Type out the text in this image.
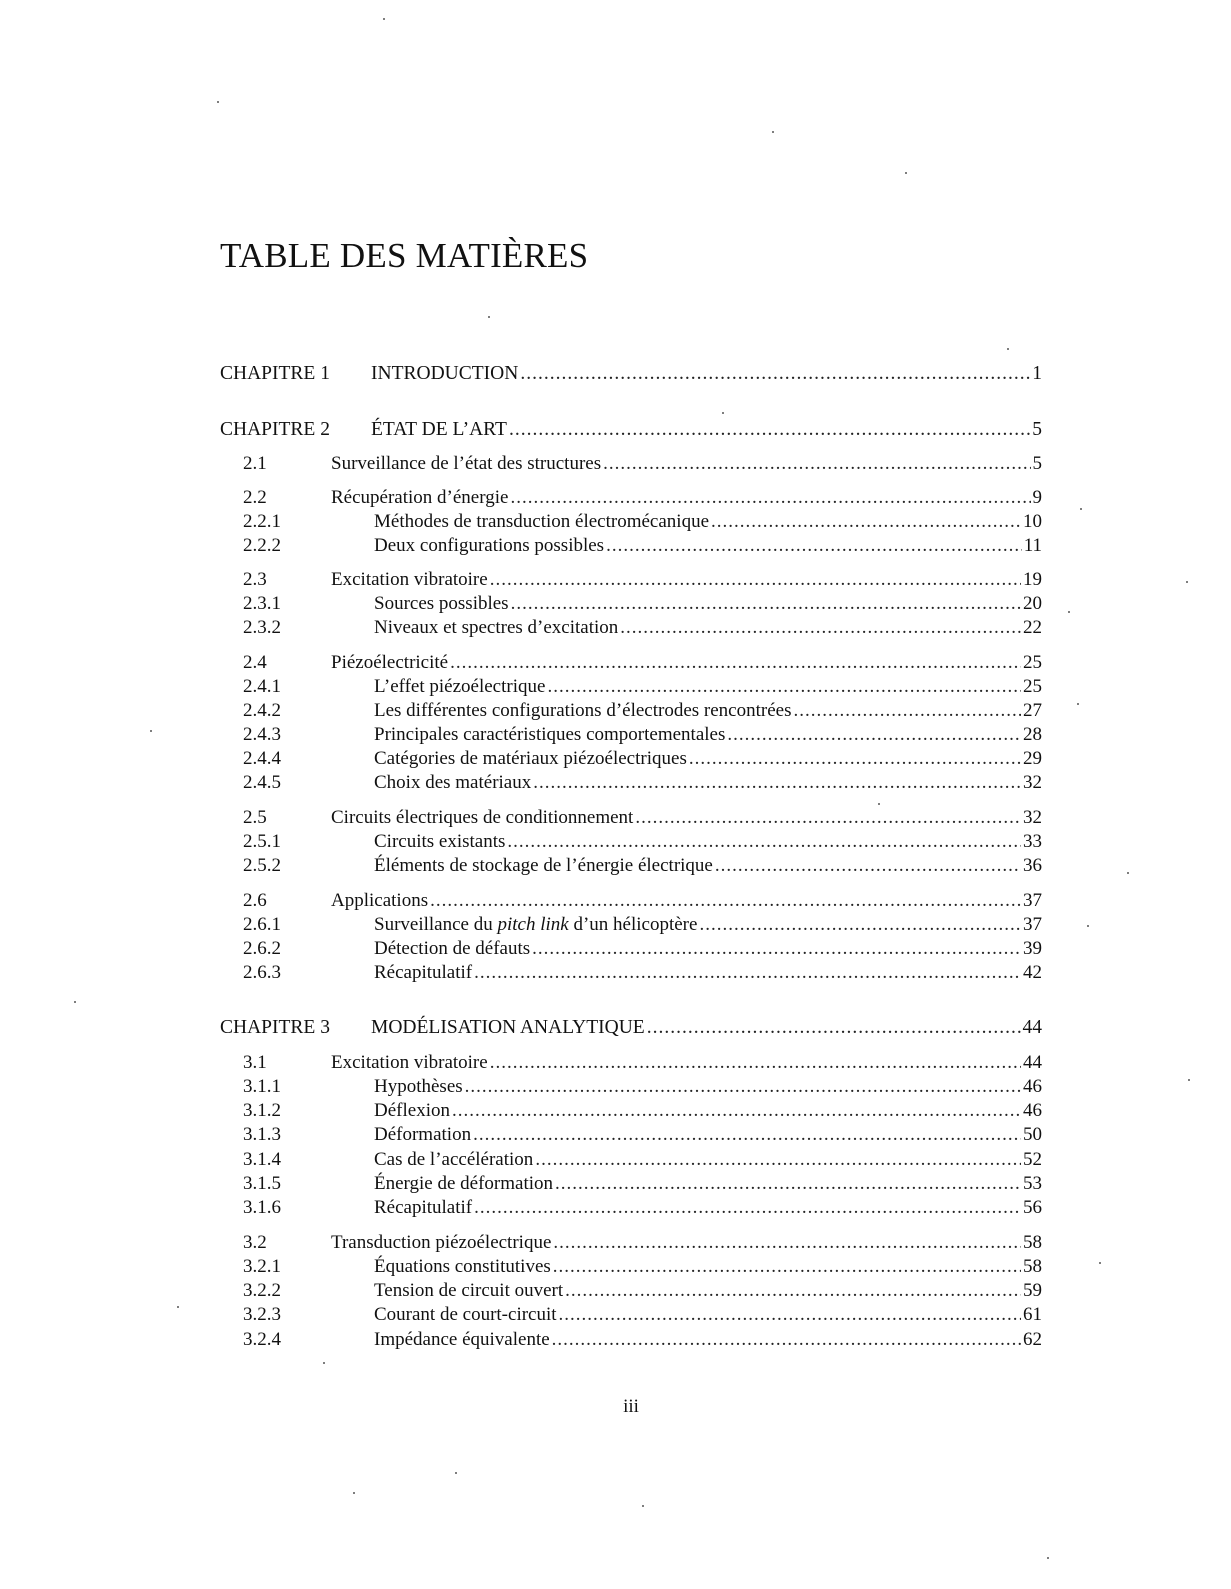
TABLE DES MATIÈRES
CHAPITRE 1	INTRODUCTION .....	1
CHAPITRE 2	ÉTAT DE L’ART .....	5
2.1	Surveillance de l’état des structures .....	5
2.2	Récupération d’énergie .....	9
2.2.1	Méthodes de transduction électromécanique .....	10
2.2.2	Deux configurations possibles .....	11
2.3	Excitation vibratoire .....	19
2.3.1	Sources possibles .....	20
2.3.2	Niveaux et spectres d’excitation .....	22
2.4	Piézoélectricité .....	25
2.4.1	L’effet piézoélectrique .....	25
2.4.2	Les différentes configurations d’électrodes rencontrées .....	27
2.4.3	Principales caractéristiques comportementales .....	28
2.4.4	Catégories de matériaux piézoélectriques .....	29
2.4.5	Choix des matériaux .....	32
2.5	Circuits électriques de conditionnement .....	32
2.5.1	Circuits existants .....	33
2.5.2	Éléments de stockage de l’énergie électrique .....	36
2.6	Applications .....	37
2.6.1	Surveillance du pitch link d’un hélicoptère .....	37
2.6.2	Détection de défauts .....	39
2.6.3	Récapitulatif .....	42
CHAPITRE 3	MODÉLISATION ANALYTIQUE .....	44
3.1	Excitation vibratoire .....	44
3.1.1	Hypothèses .....	46
3.1.2	Déflexion .....	46
3.1.3	Déformation .....	50
3.1.4	Cas de l’accélération .....	52
3.1.5	Énergie de déformation .....	53
3.1.6	Récapitulatif .....	56
3.2	Transduction piézoélectrique .....	58
3.2.1	Équations constitutives .....	58
3.2.2	Tension de circuit ouvert .....	59
3.2.3	Courant de court-circuit .....	61
3.2.4	Impédance équivalente .....	62
iii
